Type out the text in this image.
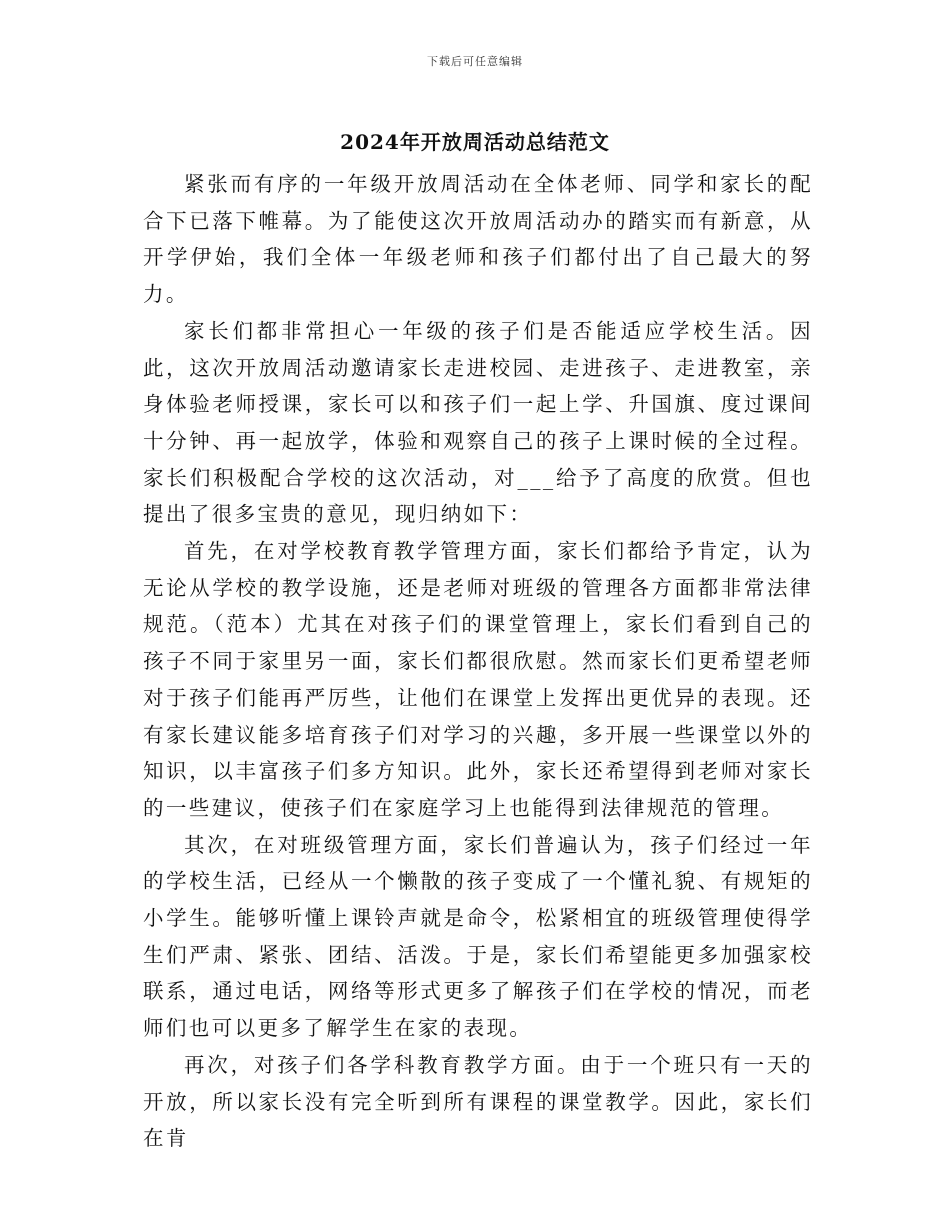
下载后可任意编辑
2024年开放周活动总结范文

紧张而有序的一年级开放周活动在全体老师、同学和家长的配合下已落下帷幕。为了能使这次开放周活动办的踏实而有新意，从开学伊始，我们全体一年级老师和孩子们都付出了自己最大的努力。

家长们都非常担心一年级的孩子们是否能适应学校生活。因此，这次开放周活动邀请家长走进校园、走进孩子、走进教室，亲身体验老师授课，家长可以和孩子们一起上学、升国旗、度过课间十分钟、再一起放学，体验和观察自己的孩子上课时候的全过程。家长们积极配合学校的这次活动，对___给予了高度的欣赏。但也提出了很多宝贵的意见，现归纳如下：

首先，在对学校教育教学管理方面，家长们都给予肯定，认为无论从学校的教学设施，还是老师对班级的管理各方面都非常法律规范。（范本）尤其在对孩子们的课堂管理上，家长们看到自己的孩子不同于家里另一面，家长们都很欣慰。然而家长们更希望老师对于孩子们能再严厉些，让他们在课堂上发挥出更优异的表现。还有家长建议能多培育孩子们对学习的兴趣，多开展一些课堂以外的知识，以丰富孩子们多方知识。此外，家长还希望得到老师对家长的一些建议，使孩子们在家庭学习上也能得到法律规范的管理。

其次，在对班级管理方面，家长们普遍认为，孩子们经过一年的学校生活，已经从一个懒散的孩子变成了一个懂礼貌、有规矩的小学生。能够听懂上课铃声就是命令，松紧相宜的班级管理使得学生们严肃、紧张、团结、活泼。于是，家长们希望能更多加强家校联系，通过电话，网络等形式更多了解孩子们在学校的情况，而老师们也可以更多了解学生在家的表现。

再次，对孩子们各学科教育教学方面。由于一个班只有一天的开放，所以家长没有完全听到所有课程的课堂教学。因此，家长们在肯
